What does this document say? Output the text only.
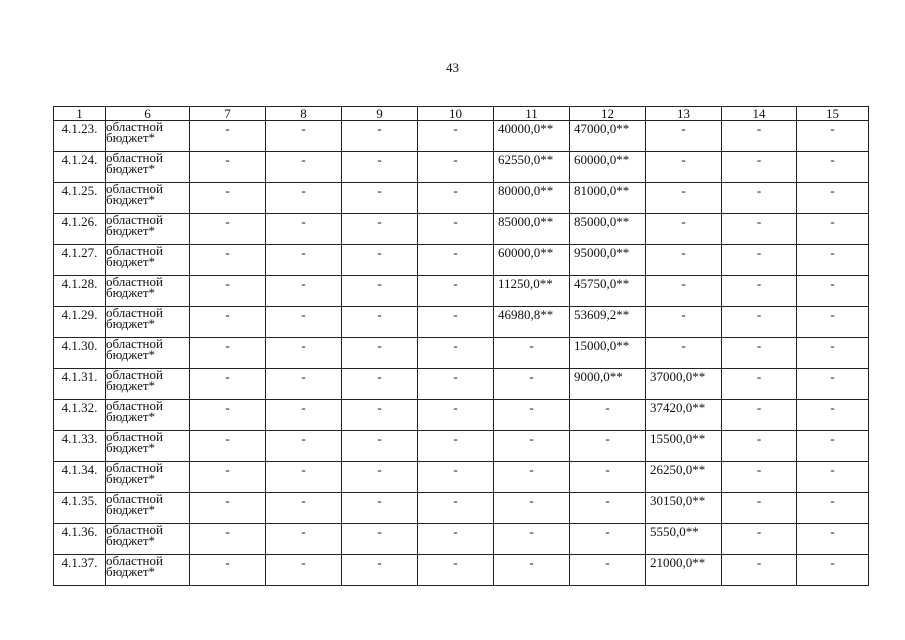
43
1	6	7	8	9	10	11	12	13	14	15
4.1.23.	областной бюджет*	-	-	-	-	40000,0**	47000,0**	-	-	-
4.1.24.	областной бюджет*	-	-	-	-	62550,0**	60000,0**	-	-	-
4.1.25.	областной бюджет*	-	-	-	-	80000,0**	81000,0**	-	-	-
4.1.26.	областной бюджет*	-	-	-	-	85000,0**	85000,0**	-	-	-
4.1.27.	областной бюджет*	-	-	-	-	60000,0**	95000,0**	-	-	-
4.1.28.	областной бюджет*	-	-	-	-	11250,0**	45750,0**	-	-	-
4.1.29.	областной бюджет*	-	-	-	-	46980,8**	53609,2**	-	-	-
4.1.30.	областной бюджет*	-	-	-	-	-	15000,0**	-	-	-
4.1.31.	областной бюджет*	-	-	-	-	-	9000,0**	37000,0**	-	-
4.1.32.	областной бюджет*	-	-	-	-	-	-	37420,0**	-	-
4.1.33.	областной бюджет*	-	-	-	-	-	-	15500,0**	-	-
4.1.34.	областной бюджет*	-	-	-	-	-	-	26250,0**	-	-
4.1.35.	областной бюджет*	-	-	-	-	-	-	30150,0**	-	-
4.1.36.	областной бюджет*	-	-	-	-	-	-	5550,0**	-	-
4.1.37.	областной бюджет*	-	-	-	-	-	-	21000,0**	-	-
